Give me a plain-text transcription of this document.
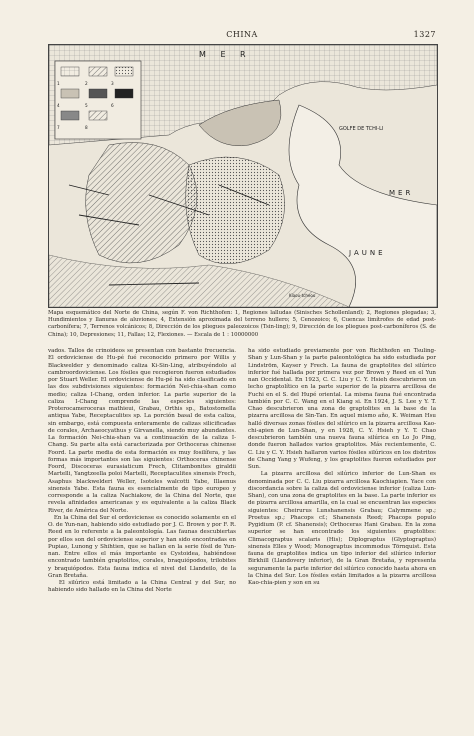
CHINA	1327
1	2	3
4	5	6
7	8
M E R
GOLFE DE TCHI-LI
MER
JAUNE
Kiaou-tcheou
Mapa esquemático del Norte de China, según F. von Richthofen: 1, Regiones lalludas (Sinisches Schollenland); 2, Regiones plegadas; 3, Hundimientos y llanuras de aluviones; 4, Extensión aproximada del terreno hullero; 5, Cenozoico; 6, Cuencas limítrofes de edad post-carbonífera; 7, Terrenos volcánicos; 8, Dirección de los pliegues paleozoicos (Tsin-ling); 9, Dirección de los pliegues post-carboníferos (S. de China); 10, Depresiones; 11, Fallas; 12, Flexiones. — Escala de 1 : 10000000
vados. Tallos de crinoideos se presentan con bastante frecuencia. El ordoviciense de Hu-pé fué reconocido primero por Willis y Blackwelder y denominado caliza Ki-Sin-Ling, atribuyéndolo al cambroordoviciense. Los fósiles que recogieron fueron estudiados por Stuart Weller. El ordoviciense de Hu-pé ha sido clasificado en las dos subdivisiones siguientes: formación Nei-chia-shan como medio; caliza I-Chang, orden inferior. La parte superior de la caliza I-Chang comprende las especies siguientes: Proterocameroceras mathieui, Grabau, Orthis sp., Batostomella antiqua Yabe, Receptaculites sp. La porción basal de esta caliza, sin embargo, está compuesta enteramente de calizas silicificadas de corales, Archaeocyathus y Girvanella, siendo muy abundantes. La formación Nei-chia-shan va a continuación de la caliza I-Chang. Su parte alta está caracterizada por Orthoceras chinense Foord. La parte media de esta formación es muy fosilífera, y las formas más importantes son las siguientes: Orthoceras chinense Foord, Discoceras eurasiaticum Frech, Clitambonites giraldii Martelli, Yangtzeella poloi Martelli, Receptaculites sinensis Frech, Asaphus blackwelderi Weller, Isoteles walcotti Yabe, Illaenus sinensis Yabe. Esta fauna es esencialmente de tipo europeo y corresponde a la caliza Nachiakow, de la China del Norte, que revela afinidades americanas y es equivalente a la caliza Black River, de América del Norte.
En la China del Sur el ordoviciense es conocido solamente en el O. de Yun-nan, habiendo sido estudiado por J. C. Brown y por F. R. Reed en lo referente a la paleontología. Las faunas descubiertas por ellos son del ordoviciense superior y han sido encontradas en Pupiao, Lunong y Shihtien, que se hallan en la serie fósil de Yun-nan. Entre ellos el más importante es Cystoidea, habiéndose encontrado también graptolitos, corales, braquiópodos, trilobites y braquiópodos. Esta fauna indica el nivel del Llandeilo, de la Gran Bretaña.
El silúrico está limitado a la China Central y del Sur, no habiendo sido hallado en la China del Norte
ha sido estudiado previamente por von Richthofen en Tsuling-Shan y Lun-Shan y la parte paleontológica ha sido estudiada por Lindström, Kayser y Frech. La fauna de graptolites del silúrico inferior fué hallada por primera vez por Brown y Reed en el Yun nan Occidental. En 1923, C. C. Liu y C. Y. Hsieh descubrieron un lecho graptolítico en la parte superior de la pizarra arcillosa de Fuchi en el S. del Hupé oriental. La misma fauna fué encontrada también por C. C. Wang en el Kiang si. En 1924, J. S. Lee y Y. T. Chao descubrieron una zona de graptolites en la base de la pizarra arcillosa de Sin-Tan. En aquel mismo año, K. Weiman Hsu halló diversas zonas fósiles del silúrico en la pizarra arcillosa Kao-chi-apien de Lun-Shan, y en 1928, C. Y. Hsieh y Y. T. Chao descubrieron también una nueva fauna silúrica en Lo Jo Ping, donde fueron hallados varios graptolitos. Más recientemente, C. C. Liu y C. Y. Hsieh hallaron varios fósiles silúricos en los distritos de Chang Yang y Wufeng, y los graptolites fueron estudiados por Sun.
La pizarra arcillosa del silúrico inferior de Lun-Shan es denominada por C. C. Liu pizarra arcillosa Kaochiapien. Yace con discordancia sobre la caliza del ordoviciense inferior (caliza Lun-Shan), con una zona de graptolites en la base. La parte inferior es de pizarra arcillosa amarilla, en la cual se encuentran las especies siguientes: Cheirurus Lunshanensis Grabau; Calymmene sp.; Proetus sp.; Phacops cf.; Shanensis Reed; Phacops populo Pygidium (P. cf. Shanensis); Orthoceras Hani Grabau. En la zona superior se han encontrado los siguientes graptolites: Climacograptus scalaris (His); Diplograptus (Glyptograptus) sinensis Elles y Wood; Monograptus incommodus Törnquist. Esta fauna de graptolites indica un tipo inferior del silúrico inferior Birkhill (Llandovery inferior), de la Gran Bretaña, y representa seguramente la parte inferior del silúrico conocido hasta ahora en la China del Sur. Los fósiles están limitados a la pizarra arcillosa Kao-chia-pien y son en su
